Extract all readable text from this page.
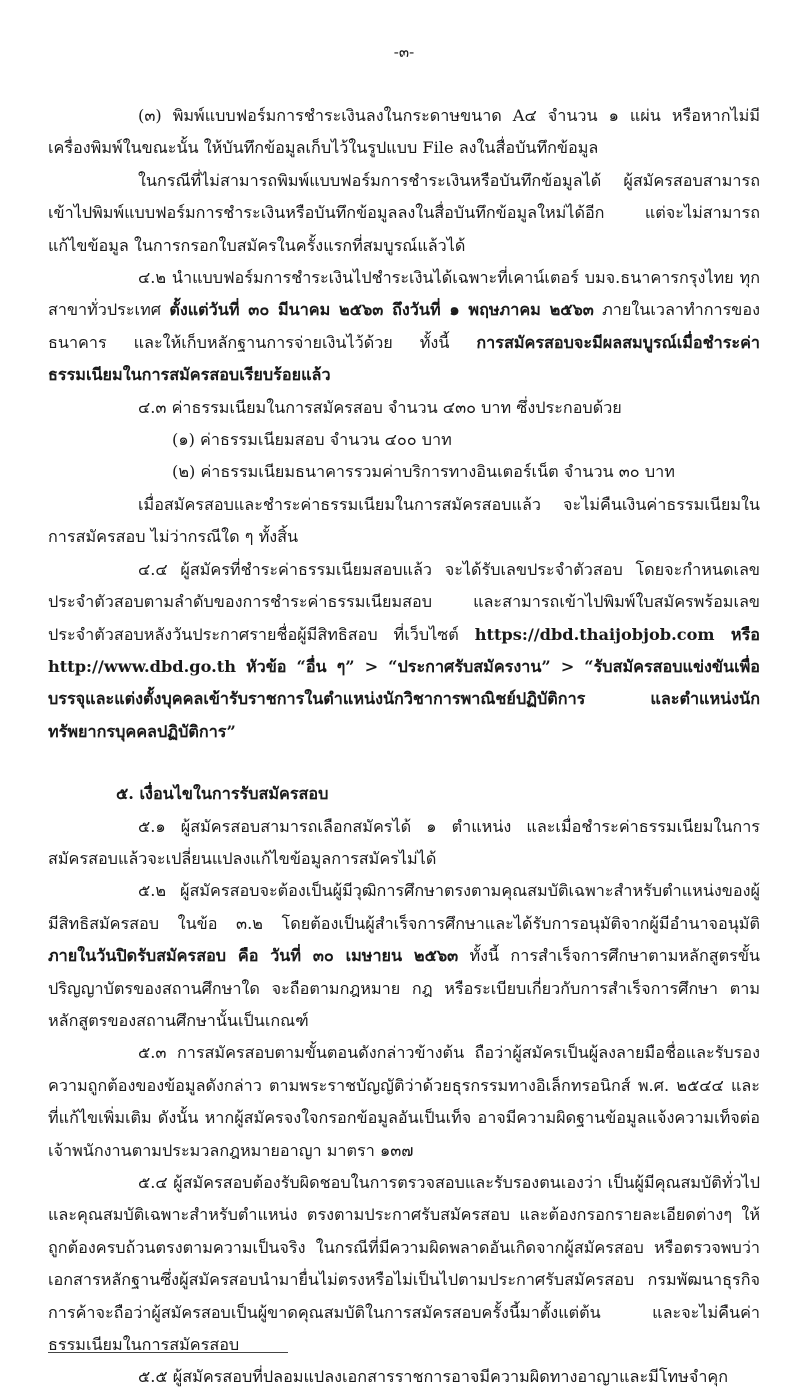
-๓-

(๓) พิมพ์แบบฟอร์มการชำระเงินลงในกระดาษขนาด A๔ จำนวน ๑ แผ่น หรือหากไม่มีเครื่องพิมพ์ในขณะนั้น ให้บันทึกข้อมูลเก็บไว้ในรูปแบบ File ลงในสื่อบันทึกข้อมูล

ในกรณีที่ไม่สามารถพิมพ์แบบฟอร์มการชำระเงินหรือบันทึกข้อมูลได้ ผู้สมัครสอบสามารถเข้าไปพิมพ์แบบฟอร์มการชำระเงินหรือบันทึกข้อมูลลงในสื่อบันทึกข้อมูลใหม่ได้อีก แต่จะไม่สามารถแก้ไขข้อมูล ในการกรอกใบสมัครในครั้งแรกที่สมบูรณ์แล้วได้

๔.๒ นำแบบฟอร์มการชำระเงินไปชำระเงินได้เฉพาะที่เคาน์เตอร์ บมจ.ธนาคารกรุงไทย ทุกสาขาทั่วประเทศ ตั้งแต่วันที่ ๓๐ มีนาคม ๒๕๖๓ ถึงวันที่ ๑ พฤษภาคม ๒๕๖๓ ภายในเวลาทำการของธนาคาร และให้เก็บหลักฐานการจ่ายเงินไว้ด้วย ทั้งนี้ การสมัครสอบจะมีผลสมบูรณ์เมื่อชำระค่าธรรมเนียมในการสมัครสอบเรียบร้อยแล้ว

๔.๓ ค่าธรรมเนียมในการสมัครสอบ จำนวน ๔๓๐ บาท ซึ่งประกอบด้วย

(๑) ค่าธรรมเนียมสอบ จำนวน ๔๐๐ บาท

(๒) ค่าธรรมเนียมธนาคารรวมค่าบริการทางอินเตอร์เน็ต จำนวน ๓๐ บาท

เมื่อสมัครสอบและชำระค่าธรรมเนียมในการสมัครสอบแล้ว จะไม่คืนเงินค่าธรรมเนียมในการสมัครสอบ ไม่ว่ากรณีใด ๆ ทั้งสิ้น

๔.๔ ผู้สมัครที่ชำระค่าธรรมเนียมสอบแล้ว จะได้รับเลขประจำตัวสอบ โดยจะกำหนดเลขประจำตัวสอบตามลำดับของการชำระค่าธรรมเนียมสอบ และสามารถเข้าไปพิมพ์ใบสมัครพร้อมเลขประจำตัวสอบหลังวันประกาศรายชื่อผู้มีสิทธิสอบ ที่เว็บไซต์ https://dbd.thaijobjob.com หรือ http://www.dbd.go.th หัวข้อ “อื่น ๆ” > “ประกาศรับสมัครงาน” > “รับสมัครสอบแข่งขันเพื่อบรรจุและแต่งตั้งบุคคลเข้ารับราชการในตำแหน่งนักวิชาการพาณิชย์ปฏิบัติการ และตำแหน่งนักทรัพยากรบุคคลปฏิบัติการ”

๕. เงื่อนไขในการรับสมัครสอบ

๕.๑ ผู้สมัครสอบสามารถเลือกสมัครได้ ๑ ตำแหน่ง และเมื่อชำระค่าธรรมเนียมในการสมัครสอบแล้วจะเปลี่ยนแปลงแก้ไขข้อมูลการสมัครไม่ได้

๕.๒ ผู้สมัครสอบจะต้องเป็นผู้มีวุฒิการศึกษาตรงตามคุณสมบัติเฉพาะสำหรับตำแหน่งของผู้มีสิทธิสมัครสอบ ในข้อ ๓.๒ โดยต้องเป็นผู้สำเร็จการศึกษาและได้รับการอนุมัติจากผู้มีอำนาจอนุมัติภายในวันปิดรับสมัครสอบ คือ วันที่ ๓๐ เมษายน ๒๕๖๓ ทั้งนี้ การสำเร็จการศึกษาตามหลักสูตรขั้นปริญญาบัตรของสถานศึกษาใด จะถือตามกฎหมาย กฎ หรือระเบียบเกี่ยวกับการสำเร็จการศึกษา ตามหลักสูตรของสถานศึกษานั้นเป็นเกณฑ์

๕.๓ การสมัครสอบตามขั้นตอนดังกล่าวข้างต้น ถือว่าผู้สมัครเป็นผู้ลงลายมือชื่อและรับรองความถูกต้องของข้อมูลดังกล่าว ตามพระราชบัญญัติว่าด้วยธุรกรรมทางอิเล็กทรอนิกส์ พ.ศ. ๒๕๔๔ และที่แก้ไขเพิ่มเติม ดังนั้น หากผู้สมัครจงใจกรอกข้อมูลอันเป็นเท็จ อาจมีความผิดฐานข้อมูลแจ้งความเท็จต่อเจ้าพนักงานตามประมวลกฎหมายอาญา มาตรา ๑๓๗

๕.๔ ผู้สมัครสอบต้องรับผิดชอบในการตรวจสอบและรับรองตนเองว่า เป็นผู้มีคุณสมบัติทั่วไปและคุณสมบัติเฉพาะสำหรับตำแหน่ง ตรงตามประกาศรับสมัครสอบ และต้องกรอกรายละเอียดต่างๆ ให้ถูกต้องครบถ้วนตรงตามความเป็นจริง ในกรณีที่มีความผิดพลาดอันเกิดจากผู้สมัครสอบ หรือตรวจพบว่าเอกสารหลักฐานซึ่งผู้สมัครสอบนำมายื่นไม่ตรงหรือไม่เป็นไปตามประกาศรับสมัครสอบ กรมพัฒนาธุรกิจการค้าจะถือว่าผู้สมัครสอบเป็นผู้ขาดคุณสมบัติในการสมัครสอบครั้งนี้มาตั้งแต่ต้น และจะไม่คืนค่าธรรมเนียมในการสมัครสอบ

๕.๕ ผู้สมัครสอบที่ปลอมแปลงเอกสารราชการอาจมีความผิดทางอาญาและมีโทษจำคุก
